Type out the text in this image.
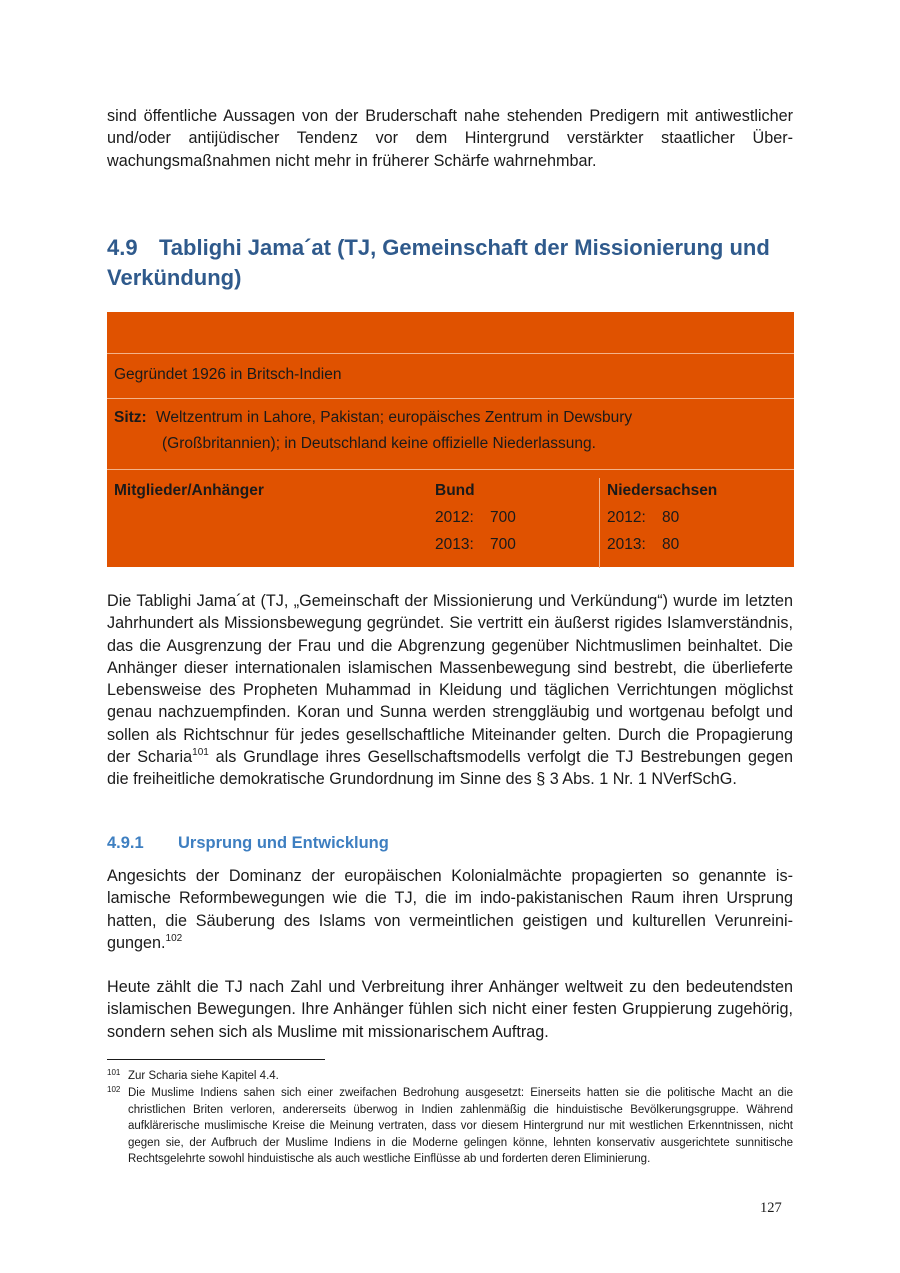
sind öffentliche Aussagen von der Bruderschaft nahe stehenden Predigern mit antiwestlicher und/oder antijüdischer Tendenz vor dem Hintergrund verstärkter staatlicher Überwachungsmaßnahmen nicht mehr in früherer Schärfe wahrnehmbar.

4.9 Tablighi Jama´at (TJ, Gemeinschaft der Missionierung und Verkündung)
Gegründet 1926 in Britsch-Indien
Sitz: Weltzentrum in Lahore, Pakistan; europäisches Zentrum in Dewsbury
(Großbritannien); in Deutschland keine offizielle Niederlassung.
Mitglieder/Anhänger	Bund
2012: 700
2013: 700
Niedersachsen
2012: 80
2013: 80

Die Tablighi Jama´at (TJ, „Gemeinschaft der Missionierung und Verkündung“) wurde im letzten Jahrhundert als Missionsbewegung gegründet. Sie vertritt ein äußerst rigides Islamverständnis, das die Ausgrenzung der Frau und die Abgrenzung gegenüber Nichtmuslimen beinhaltet. Die Anhänger dieser internationalen islamischen Massenbewegung sind bestrebt, die überlieferte Lebensweise des Propheten Muhammad in Kleidung und täglichen Verrichtungen möglichst genau nachzuempfinden. Koran und Sunna werden strenggläubig und wortgenau befolgt und sollen als Richtschnur für jedes gesellschaftliche Miteinander gelten. Durch die Propagierung der Scharia$^{101}$ als Grundlage ihres Gesellschaftsmodells verfolgt die TJ Bestrebungen gegen die freiheitliche demokratische Grundordnung im Sinne des § 3 Abs. 1 Nr. 1 NVerfSchG.

4.9.1 Ursprung und Entwicklung

Angesichts der Dominanz der europäischen Kolonialmächte propagierten so genannte islamische Reformbewegungen wie die TJ, die im indo-pakistanischen Raum ihren Ursprung hatten, die Säuberung des Islams von vermeintlichen geistigen und kulturellen Verunreinigungen.$^{102}$

Heute zählt die TJ nach Zahl und Verbreitung ihrer Anhänger weltweit zu den bedeutendsten islamischen Bewegungen. Ihre Anhänger fühlen sich nicht einer festen Gruppierung zugehörig, sondern sehen sich als Muslime mit missionarischem Auftrag.

101 Zur Scharia siehe Kapitel 4.4.
102 Die Muslime Indiens sahen sich einer zweifachen Bedrohung ausgesetzt: Einerseits hatten sie die politische Macht an die christlichen Briten verloren, andererseits überwog in Indien zahlenmäßig die hinduistische Bevölkerungsgruppe. Während aufklärerische muslimische Kreise die Meinung vertraten, dass vor diesem Hintergrund nur mit westlichen Erkenntnissen, nicht gegen sie, der Aufbruch der Muslime Indiens in die Moderne gelingen könne, lehnten konservativ ausgerichtete sunnitische Rechtsgelehrte sowohl hinduistische als auch westliche Einflüsse ab und forderten deren Eliminierung.
127
